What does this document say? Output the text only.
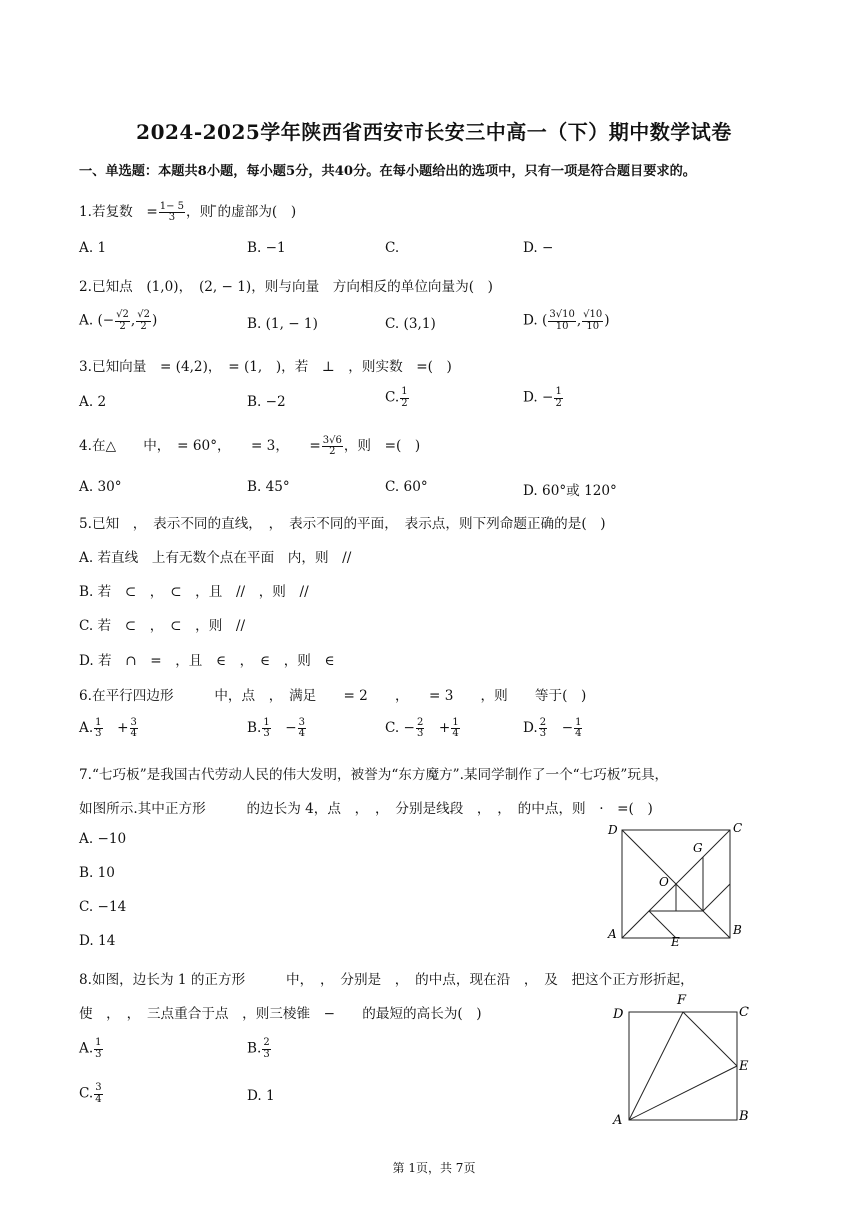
2024-2025学年陕西省西安市长安三中高一（下）期中数学试卷
一、单选题：本题共8小题，每小题5分，共40分。在每小题给出的选项中，只有一项是符合题目要求的。
1.若复数　= $\frac{1- 5}{3}$ ，则 ̄的虚部为(　)
A. 1	B. −1	C.	D. −
2.已知点　(1,0)，　(2, − 1)，则与向量　方向相反的单位向量为(　)
A. (− $\frac{√2}{2}$ , $\frac{√2}{2}$ )	B. (1, − 1)	C. (3,1)	D. ( $\frac{3√10}{10}$ , $\frac{√10}{10}$ )
3.已知向量　= (4,2)，　= (1,　)，若　⊥　，则实数　=(　)
A. 2	B. −2	C. $\frac{1}{2}$	D. − $\frac{1}{2}$
4.在△　　中，　= 60°，　　= 3，　　= $\frac{3√6}{2}$ ，则　=(　)
A. 30°	B. 45°	C. 60°	D. 60°或 120°
5.已知　，　表示不同的直线，　，　表示不同的平面，　表示点，则下列命题正确的是(　)
A. 若直线　上有无数个点在平面　内，则　//
B. 若　⊂　，　⊂　，且　//　，则　//
C. 若　⊂　，　⊂　，则　//
D. 若　∩　=　，且　∈　，　∈　，则　∈
6.在平行四边形　　　中，点　，　满足　　= 2　　，　　= 3　　，则　　等于(　)
A. $\frac{1}{3}$ 　+ $\frac{3}{4}$	B. $\frac{1}{3}$ 　− $\frac{3}{4}$	C. − $\frac{2}{3}$ 　+ $\frac{1}{4}$	D. $\frac{2}{3}$ 　− $\frac{1}{4}$
7.“七巧板”是我国古代劳动人民的伟大发明，被誉为“东方魔方”.某同学制作了一个“七巧板”玩具，
如图所示.其中正方形　　　的边长为 4，点　，　，　分别是线段　，　，　的中点，则　·　=(　)
A. −10
B. 10
C. −14
D. 14
D	C
A	B
E
G
O
8.如图，边长为 1 的正方形　　　中，　，　分别是　，　的中点，现在沿　，　及　把这个正方形折起，
使　，　，　三点重合于点　，则三棱锥　−　　的最短的高长为(　)
A. $\frac{1}{3}$	B. $\frac{2}{3}$
C. $\frac{3}{4}$	D. 1
D
F
C
E
A	B
第 1页，共 7页
